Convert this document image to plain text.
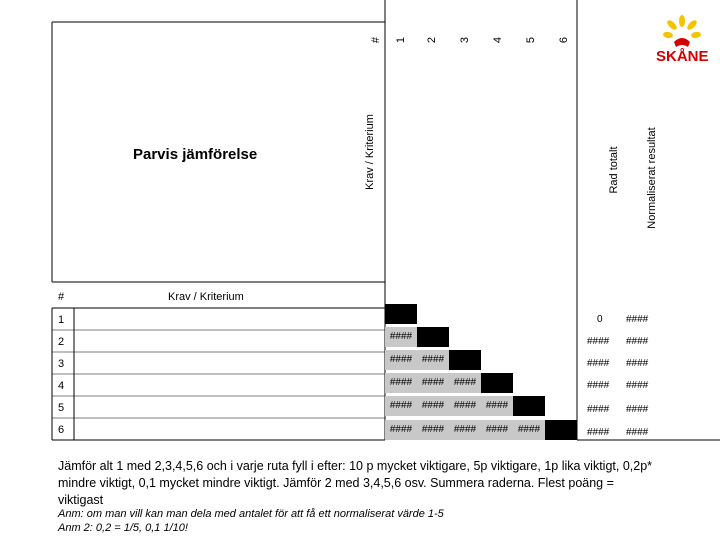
Parvis jämförelse	Krav / Kriterium
#	Krav / Kriterium
# 1 2 3 4 5 6
Rad totalt Normaliserat resultat
1
2
3
4
5
6
####
#### ####
#### #### ####
#### #### #### ####
#### #### #### #### ####
0 ####
#### ####
#### ####
#### ####
#### ####
#### ####
Jämför alt 1 med 2,3,4,5,6 och i varje ruta fyll i efter: 10 p mycket viktigare, 5p viktigare, 1p lika viktigt, 0,2p* mindre viktigt, 0,1 mycket mindre viktigt. Jämför 2 med 3,4,5,6 osv. Summera raderna. Flest poäng = viktigast
Anm: om man vill kan man dela med antalet för att få ett normaliserat värde 1-5
Anm 2: 0,2 = 1/5, 0,1 1/10!
SKÅNE
